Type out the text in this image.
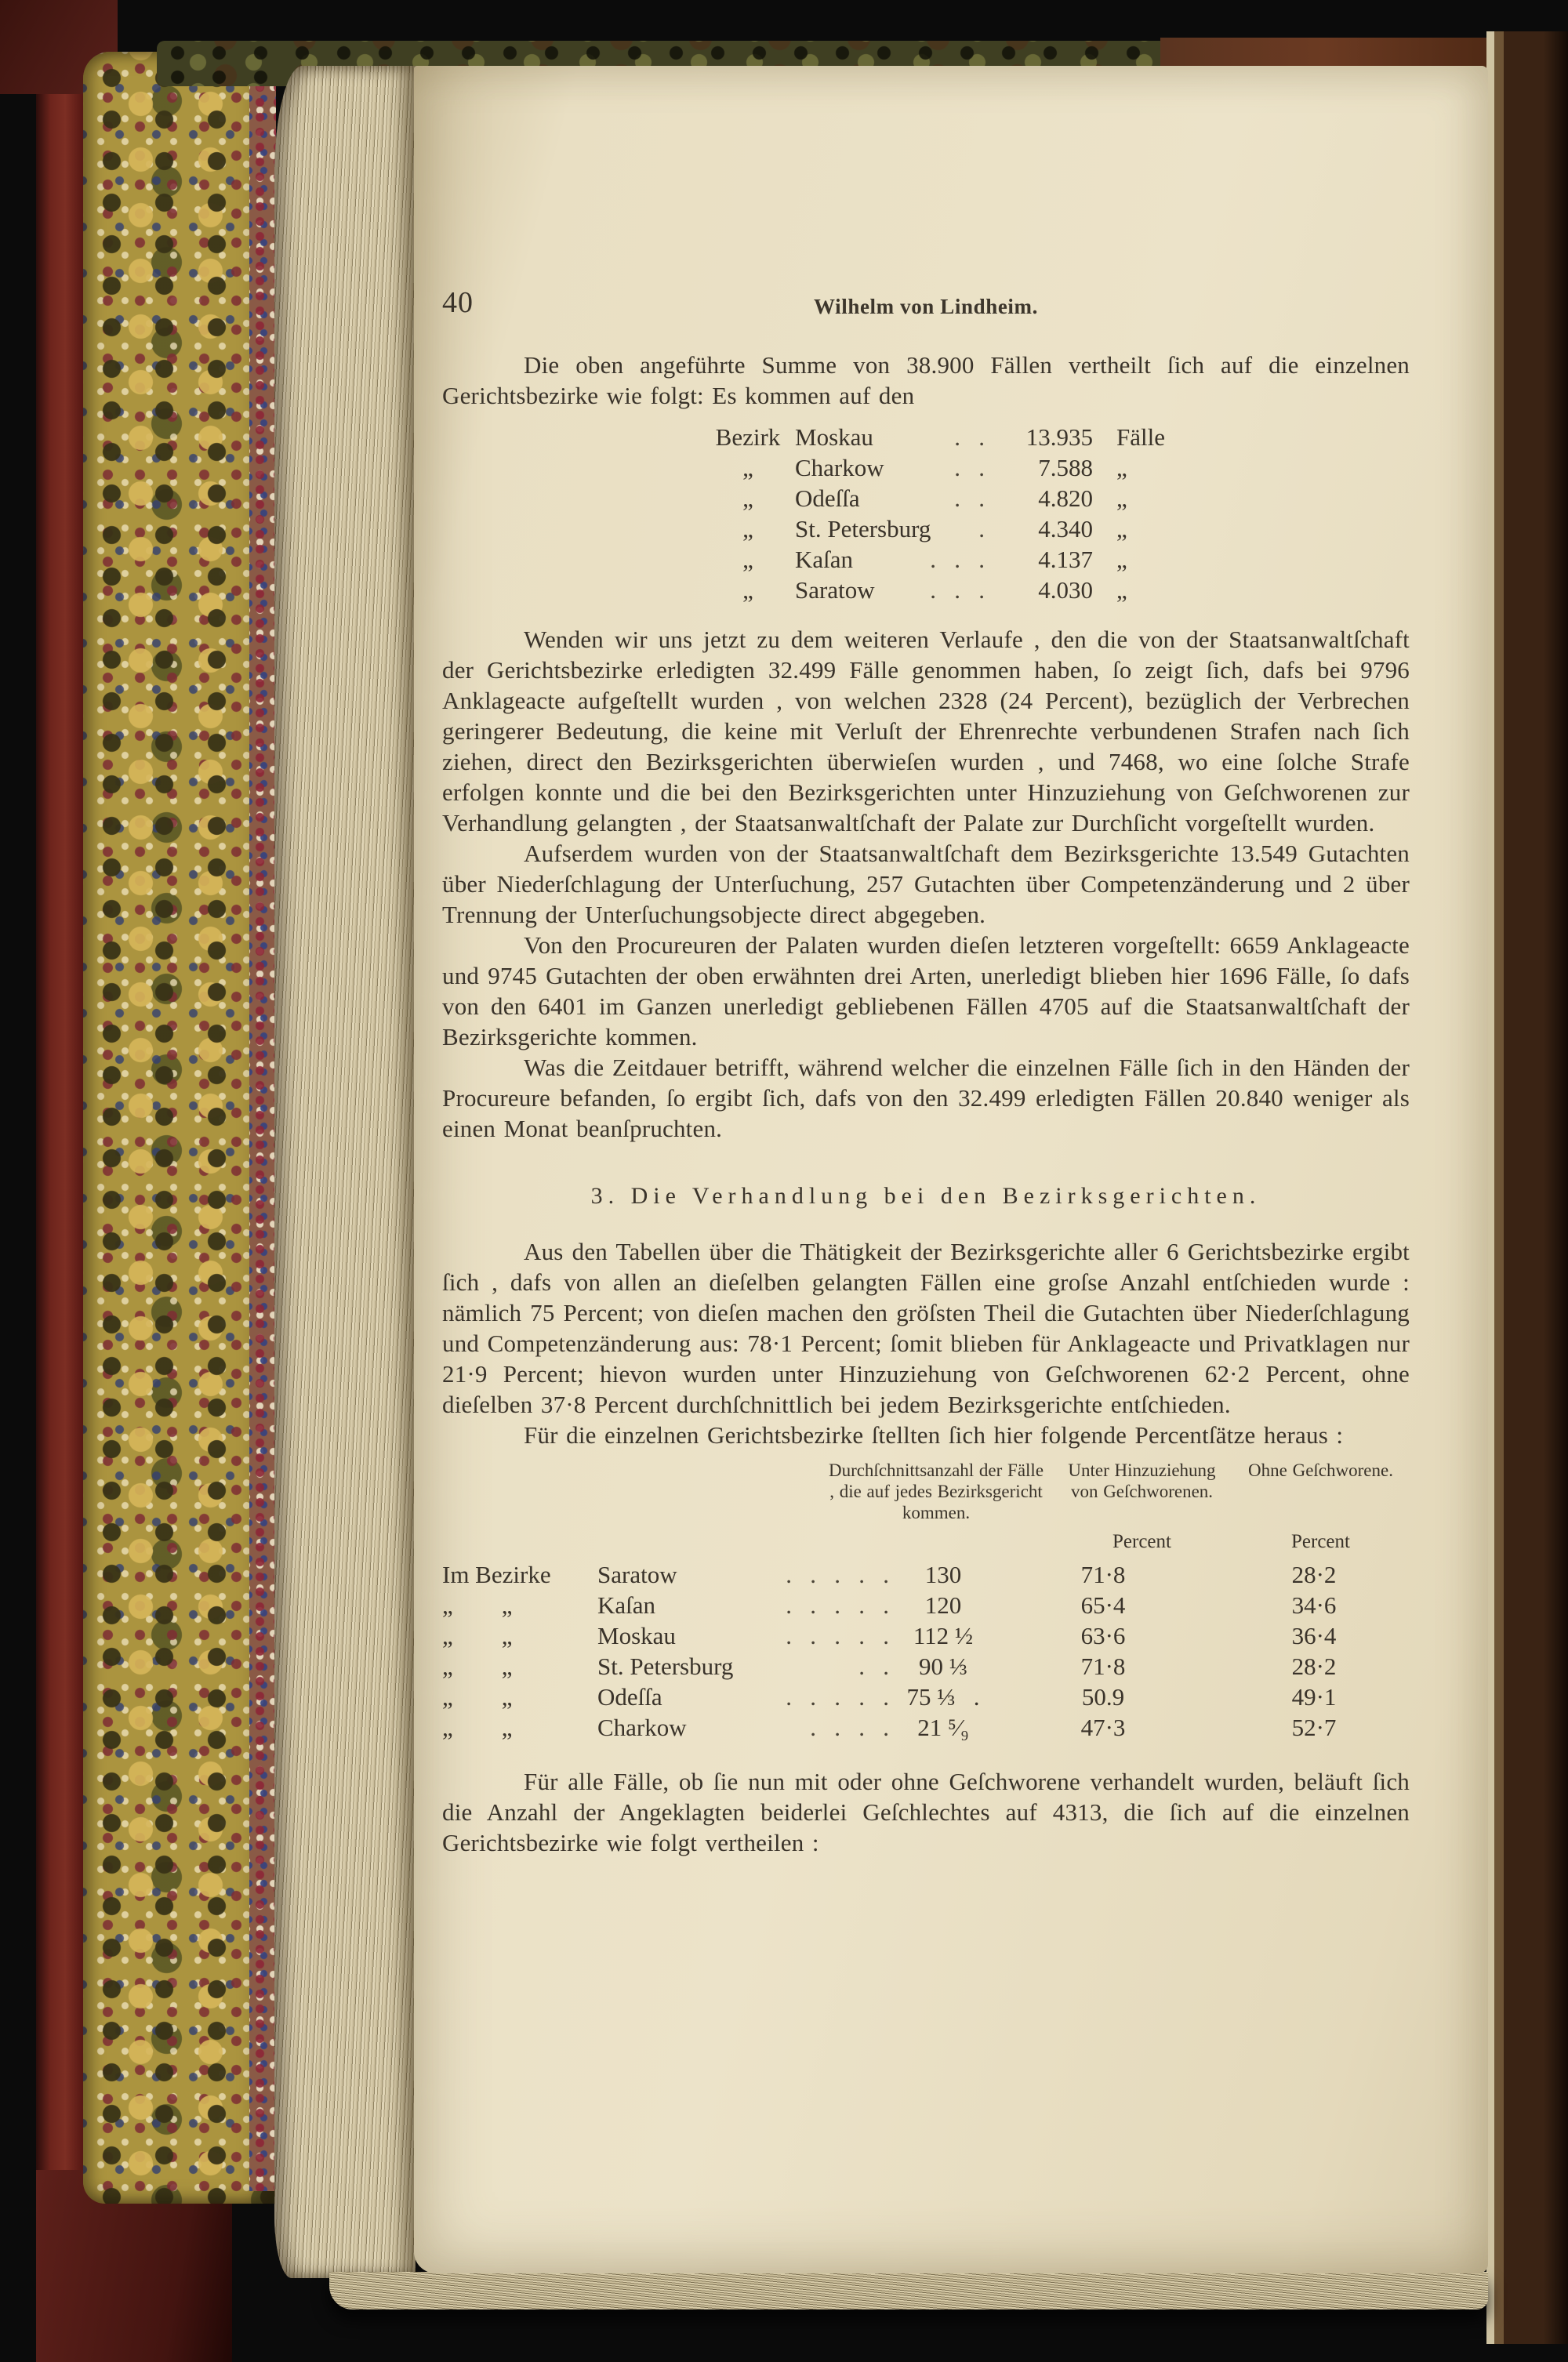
40	Wilhelm von Lindheim.

Die oben angeführte Summe von 38.900 Fällen vertheilt ſich auf die einzelnen Gerichtsbezirke wie folgt: Es kommen auf den

Bezirk Moskau	.   .	13.935 Fälle
„	Charkow	.   .	7.588 „
„	Odeſſa	.   .	4.820 „
„	St. Petersburg .	4.340 „
„	Kaſan	.   .   .	4.137 „
„	Saratow .   .   .	4.030 „

Wenden wir uns jetzt zu dem weiteren Verlaufe , den die von der Staatsanwaltſchaft der Gerichtsbezirke erledigten 32.499 Fälle genommen haben, ſo zeigt ſich, dafs bei 9796 Anklageacte aufgeſtellt wurden , von welchen 2328 (24 Percent), bezüglich der Verbrechen geringerer Bedeutung, die keine mit Verluſt der Ehrenrechte verbundenen Strafen nach ſich ziehen, direct den Bezirksgerichten überwieſen wurden , und 7468, wo eine ſolche Strafe erfolgen konnte und die bei den Bezirksgerichten unter Hinzuziehung von Geſchworenen zur Verhandlung gelangten , der Staatsanwaltſchaft der Palate zur Durchſicht vorgeſtellt wurden.

Aufserdem wurden von der Staatsanwaltſchaft dem Bezirksgerichte 13.549 Gutachten über Niederſchlagung der Unterſuchung, 257 Gutachten über Competenzänderung und 2 über Trennung der Unterſuchungsobjecte direct abgegeben.

Von den Procureuren der Palaten wurden dieſen letzteren vorgeſtellt: 6659 Anklageacte und 9745 Gutachten der oben erwähnten drei Arten, unerledigt blieben hier 1696 Fälle, ſo dafs von den 6401 im Ganzen unerledigt gebliebenen Fällen 4705 auf die Staatsanwaltſchaft der Bezirksgerichte kommen.

Was die Zeitdauer betrifft, während welcher die einzelnen Fälle ſich in den Händen der Procureure befanden, ſo ergibt ſich, dafs von den 32.499 erledigten Fällen 20.840 weniger als einen Monat beanſpruchten.

3. Die Verhandlung bei den Bezirksgerichten.

Aus den Tabellen über die Thätigkeit der Bezirksgerichte aller 6 Gerichtsbezirke ergibt ſich , dafs von allen an dieſelben gelangten Fällen eine groſse Anzahl entſchieden wurde : nämlich 75 Percent; von dieſen machen den gröſsten Theil die Gutachten über Niederſchlagung und Competenzänderung aus: 78·1 Percent; ſomit blieben für Anklageacte und Privatklagen nur 21·9 Percent; hievon wurden unter Hinzuziehung von Geſchworenen 62·2 Percent, ohne dieſelben 37·8 Percent durchſchnittlich bei jedem Bezirksgerichte entſchieden.

Für die einzelnen Gerichtsbezirke ſtellten ſich hier folgende Percentſätze heraus :

Durchſchnittsanzahl der Fälle , die auf jedes Bezirksgericht kommen.
Unter Hinzuziehung von Geſchworenen.
Ohne Geſchworene.
Percent	Percent
Im Bezirke	Saratow	.   .   .   .   .	130	71·8	28·2
„        „	Kaſan	.   .   .   .   .	120	65·4	34·6
„        „	Moskau	.   .   .   .   . 112 ½	63·6	36·4
„        „	St. Petersburg	.   .	90 ⅓	71·8	28·2
„        „	Odeſſa	.   .   .   .   . 75 ⅓   .	50.9	49·1
„        „	Charkow	.   .   .   .	21 ⁵⁄₉	47·3	52·7

Für alle Fälle, ob ſie nun mit oder ohne Geſchworene verhandelt wurden, beläuft ſich die Anzahl der Angeklagten beiderlei Geſchlechtes auf 4313, die ſich auf die einzelnen Gerichtsbezirke wie folgt vertheilen :
